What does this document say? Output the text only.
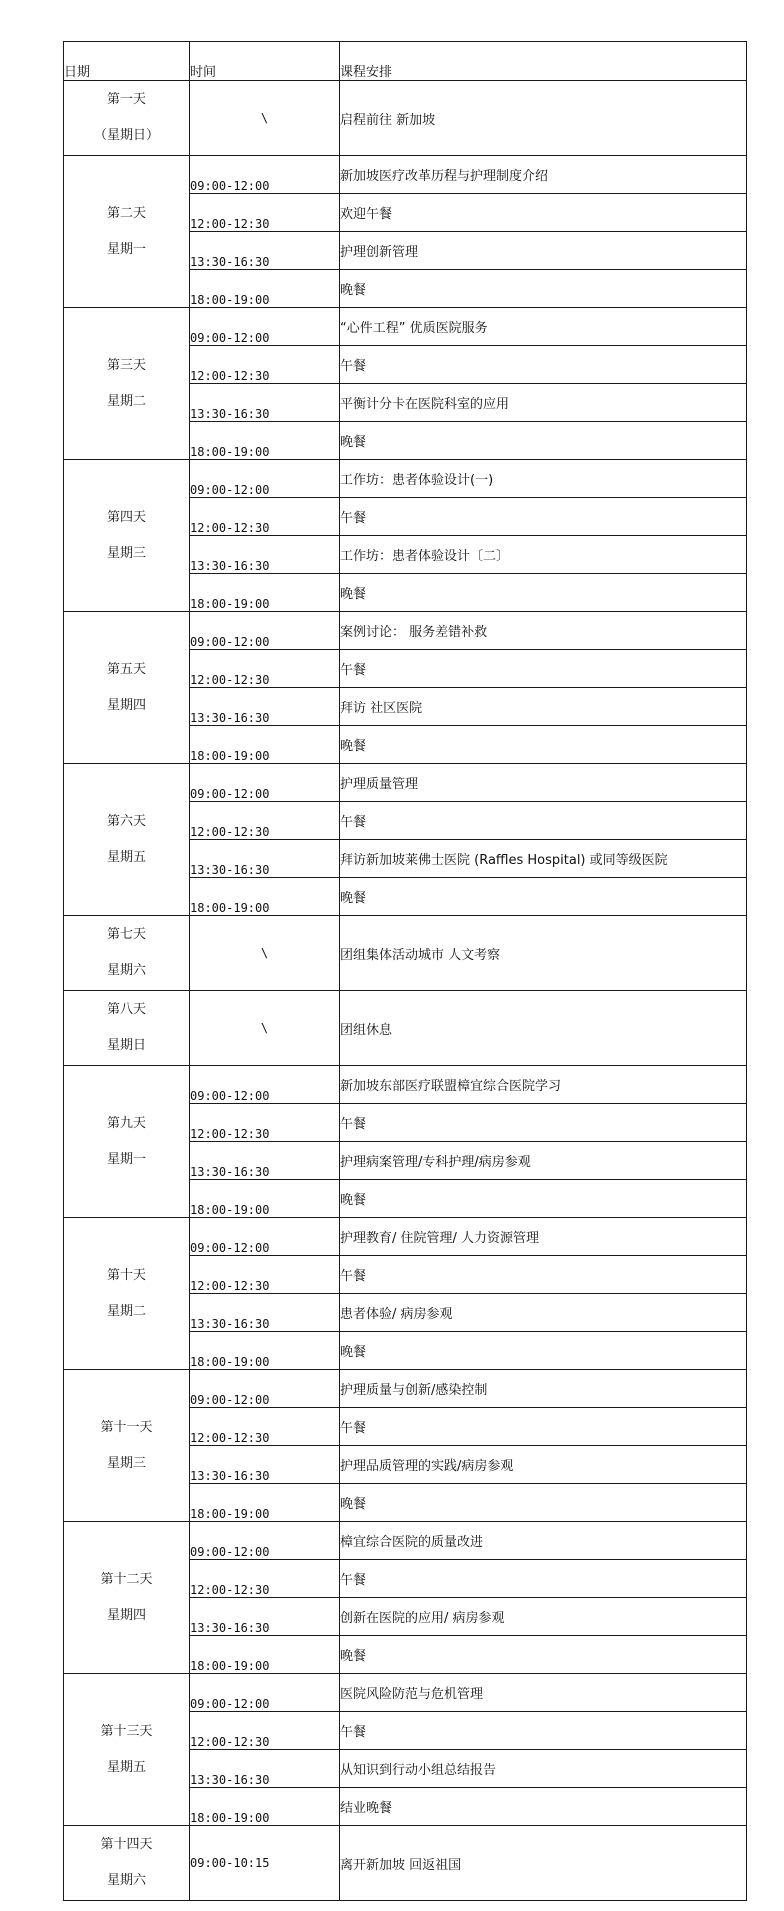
日期	时间	课程安排

第一天
（星期日）	\	启程前往 新加坡

第二天
星期一	09:00-12:00	新加坡医疗改革历程与护理制度介绍
	12:00-12:30	欢迎午餐
	13:30-16:30	护理创新管理
	18:00-19:00	晚餐

第三天
星期二	09:00-12:00	“心件工程” 优质医院服务
	12:00-12:30	午餐
	13:30-16:30	平衡计分卡在医院科室的应用
	18:00-19:00	晚餐

第四天
星期三	09:00-12:00	工作坊：患者体验设计(一)
	12:00-12:30	午餐
	13:30-16:30	工作坊：患者体验设计〔二〕
	18:00-19:00	晚餐

第五天
星期四	09:00-12:00	案例讨论： 服务差错补救
	12:00-12:30	午餐
	13:30-16:30	拜访 社区医院
	18:00-19:00	晚餐

第六天
星期五	09:00-12:00	护理质量管理
	12:00-12:30	午餐
	13:30-16:30	拜访新加坡莱佛士医院 (Raffles Hospital) 或同等级医院
	18:00-19:00	晚餐

第七天
星期六	\	团组集体活动城市 人文考察

第八天
星期日	\	团组休息

第九天
星期一	09:00-12:00	新加坡东部医疗联盟樟宜综合医院学习
	12:00-12:30	午餐
	13:30-16:30	护理病案管理/专科护理/病房参观
	18:00-19:00	晚餐

第十天
星期二	09:00-12:00	护理教育/ 住院管理/ 人力资源管理
	12:00-12:30	午餐
	13:30-16:30	患者体验/ 病房参观
	18:00-19:00	晚餐

第十一天
星期三	09:00-12:00	护理质量与创新/感染控制
	12:00-12:30	午餐
	13:30-16:30	护理品质管理的实践/病房参观
	18:00-19:00	晚餐

第十二天
星期四	09:00-12:00	樟宜综合医院的质量改进
	12:00-12:30	午餐
	13:30-16:30	创新在医院的应用/ 病房参观
	18:00-19:00	晚餐

第十三天
星期五	09:00-12:00	医院风险防范与危机管理
	12:00-12:30	午餐
	13:30-16:30	从知识到行动小组总结报告
	18:00-19:00	结业晚餐

第十四天
星期六	09:00-10:15	离开新加坡 回返祖国
